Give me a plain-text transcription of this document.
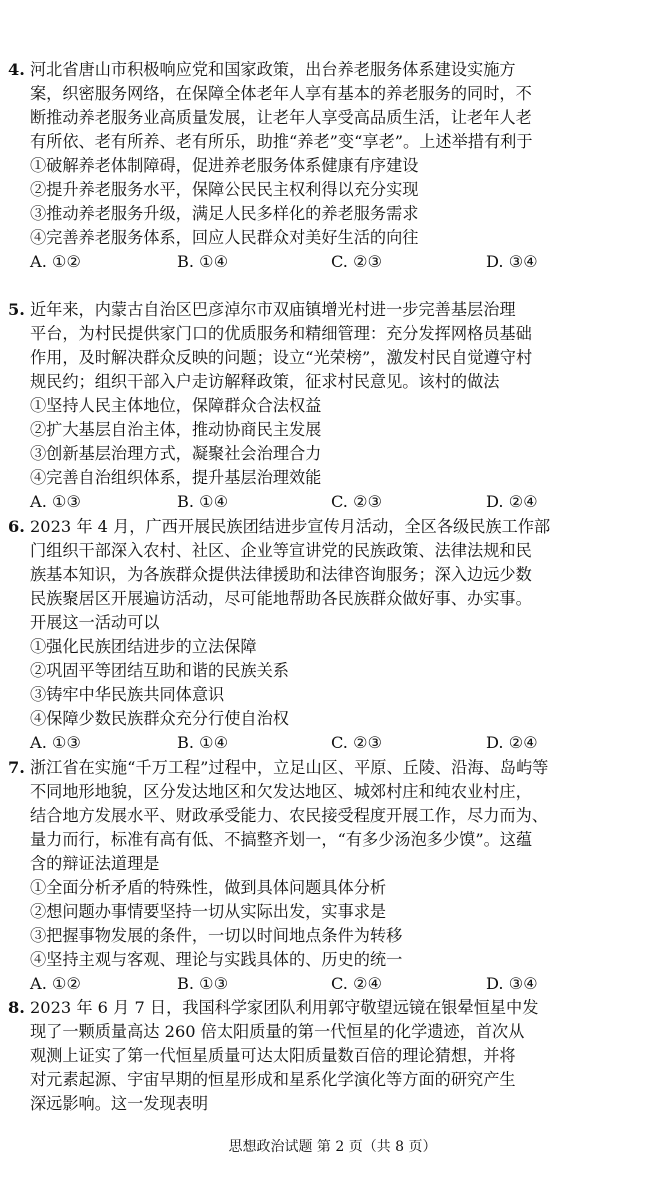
4. 河北省唐山市积极响应党和国家政策，出台养老服务体系建设实施方
案，织密服务网络，在保障全体老年人享有基本的养老服务的同时，不
断推动养老服务业高质量发展，让老年人享受高品质生活，让老年人老
有所依、老有所养、老有所乐，助推“养老”变“享老”。上述举措有利于
①破解养老体制障碍，促进养老服务体系健康有序建设
②提升养老服务水平，保障公民民主权利得以充分实现
③推动养老服务升级，满足人民多样化的养老服务需求
④完善养老服务体系，回应人民群众对美好生活的向往
A. ①②	B. ①④	C. ②③	D. ③④
5. 近年来，内蒙古自治区巴彦淖尔市双庙镇增光村进一步完善基层治理
平台，为村民提供家门口的优质服务和精细管理：充分发挥网格员基础
作用，及时解决群众反映的问题；设立“光荣榜”，激发村民自觉遵守村
规民约；组织干部入户走访解释政策，征求村民意见。该村的做法
①坚持人民主体地位，保障群众合法权益
②扩大基层自治主体，推动协商民主发展
③创新基层治理方式，凝聚社会治理合力
④完善自治组织体系，提升基层治理效能
A. ①③	B. ①④	C. ②③	D. ②④
6. 2023 年 4 月，广西开展民族团结进步宣传月活动，全区各级民族工作部
门组织干部深入农村、社区、企业等宣讲党的民族政策、法律法规和民
族基本知识，为各族群众提供法律援助和法律咨询服务；深入边远少数
民族聚居区开展遍访活动，尽可能地帮助各民族群众做好事、办实事。
开展这一活动可以
①强化民族团结进步的立法保障
②巩固平等团结互助和谐的民族关系
③铸牢中华民族共同体意识
④保障少数民族群众充分行使自治权
A. ①③	B. ①④	C. ②③	D. ②④
7. 浙江省在实施“千万工程”过程中，立足山区、平原、丘陵、沿海、岛屿等
不同地形地貌，区分发达地区和欠发达地区、城郊村庄和纯农业村庄，
结合地方发展水平、财政承受能力、农民接受程度开展工作，尽力而为、
量力而行，标准有高有低、不搞整齐划一，“有多少汤泡多少馍”。这蕴
含的辩证法道理是
①全面分析矛盾的特殊性，做到具体问题具体分析
②想问题办事情要坚持一切从实际出发，实事求是
③把握事物发展的条件，一切以时间地点条件为转移
④坚持主观与客观、理论与实践具体的、历史的统一
A. ①②	B. ①③	C. ②④	D. ③④
8. 2023 年 6 月 7 日，我国科学家团队利用郭守敬望远镜在银晕恒星中发
现了一颗质量高达 260 倍太阳质量的第一代恒星的化学遗迹，首次从
观测上证实了第一代恒星质量可达太阳质量数百倍的理论猜想，并将
对元素起源、宇宙早期的恒星形成和星系化学演化等方面的研究产生
深远影响。这一发现表明
思想政治试题 第 2 页（共 8 页）
